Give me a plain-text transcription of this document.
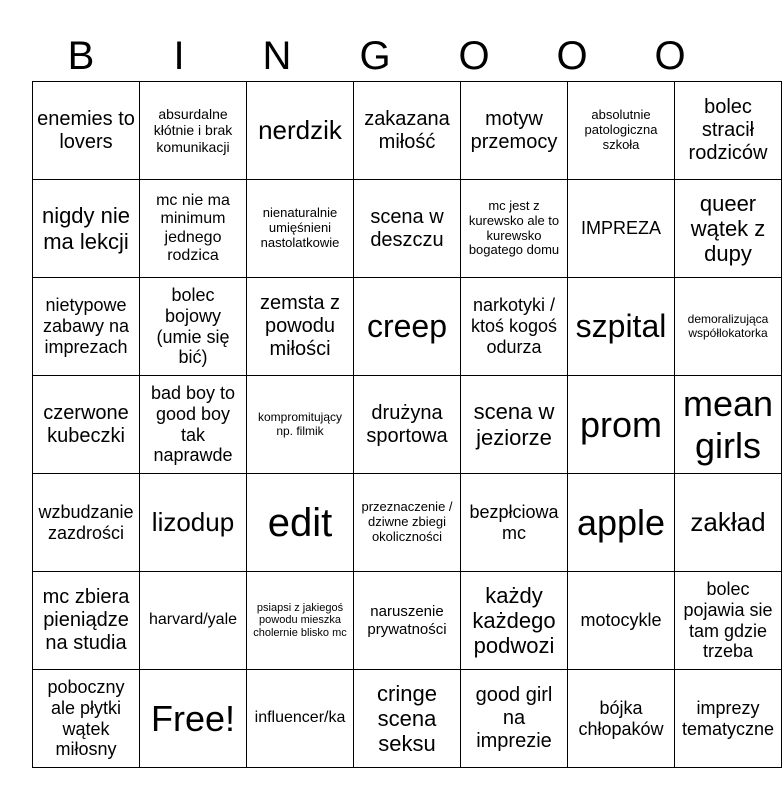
B	I	N	G	O	O	O
enemies to lovers	absurdalne kłótnie i brak komunikacji	nerdzik	zakazana miłość	motyw przemocy	absolutnie patologiczna szkoła	bolec stracił rodziców
nigdy nie ma lekcji	mc nie ma minimum jednego rodzica	nienaturalnie umięśnieni nastolatkowie	scena w deszczu	mc jest z kurewsko ale to kurewsko bogatego domu	IMPREZA	queer wątek z dupy
nietypowe zabawy na imprezach	bolec bojowy (umie się bić)	zemsta z powodu miłości	creep	narkotyki / ktoś kogoś odurza	szpital	demoralizująca współlokatorka
czerwone kubeczki	bad boy to good boy tak naprawde	kompromitujący np. filmik	drużyna sportowa	scena w jeziorze	prom	mean girls
wzbudzanie zazdrości	lizodup	edit	przeznaczenie / dziwne zbiegi okoliczności	bezpłciowa mc	apple	zakład
mc zbiera pieniądze na studia	harvard/yale	psiapsi z jakiegoś powodu mieszka cholernie blisko mc	naruszenie prywatności	każdy każdego podwozi	motocykle	bolec pojawia sie tam gdzie trzeba
poboczny ale płytki wątek miłosny	Free!	influencer/ka	cringe scena seksu	good girl na imprezie	bójka chłopaków	imprezy tematyczne
